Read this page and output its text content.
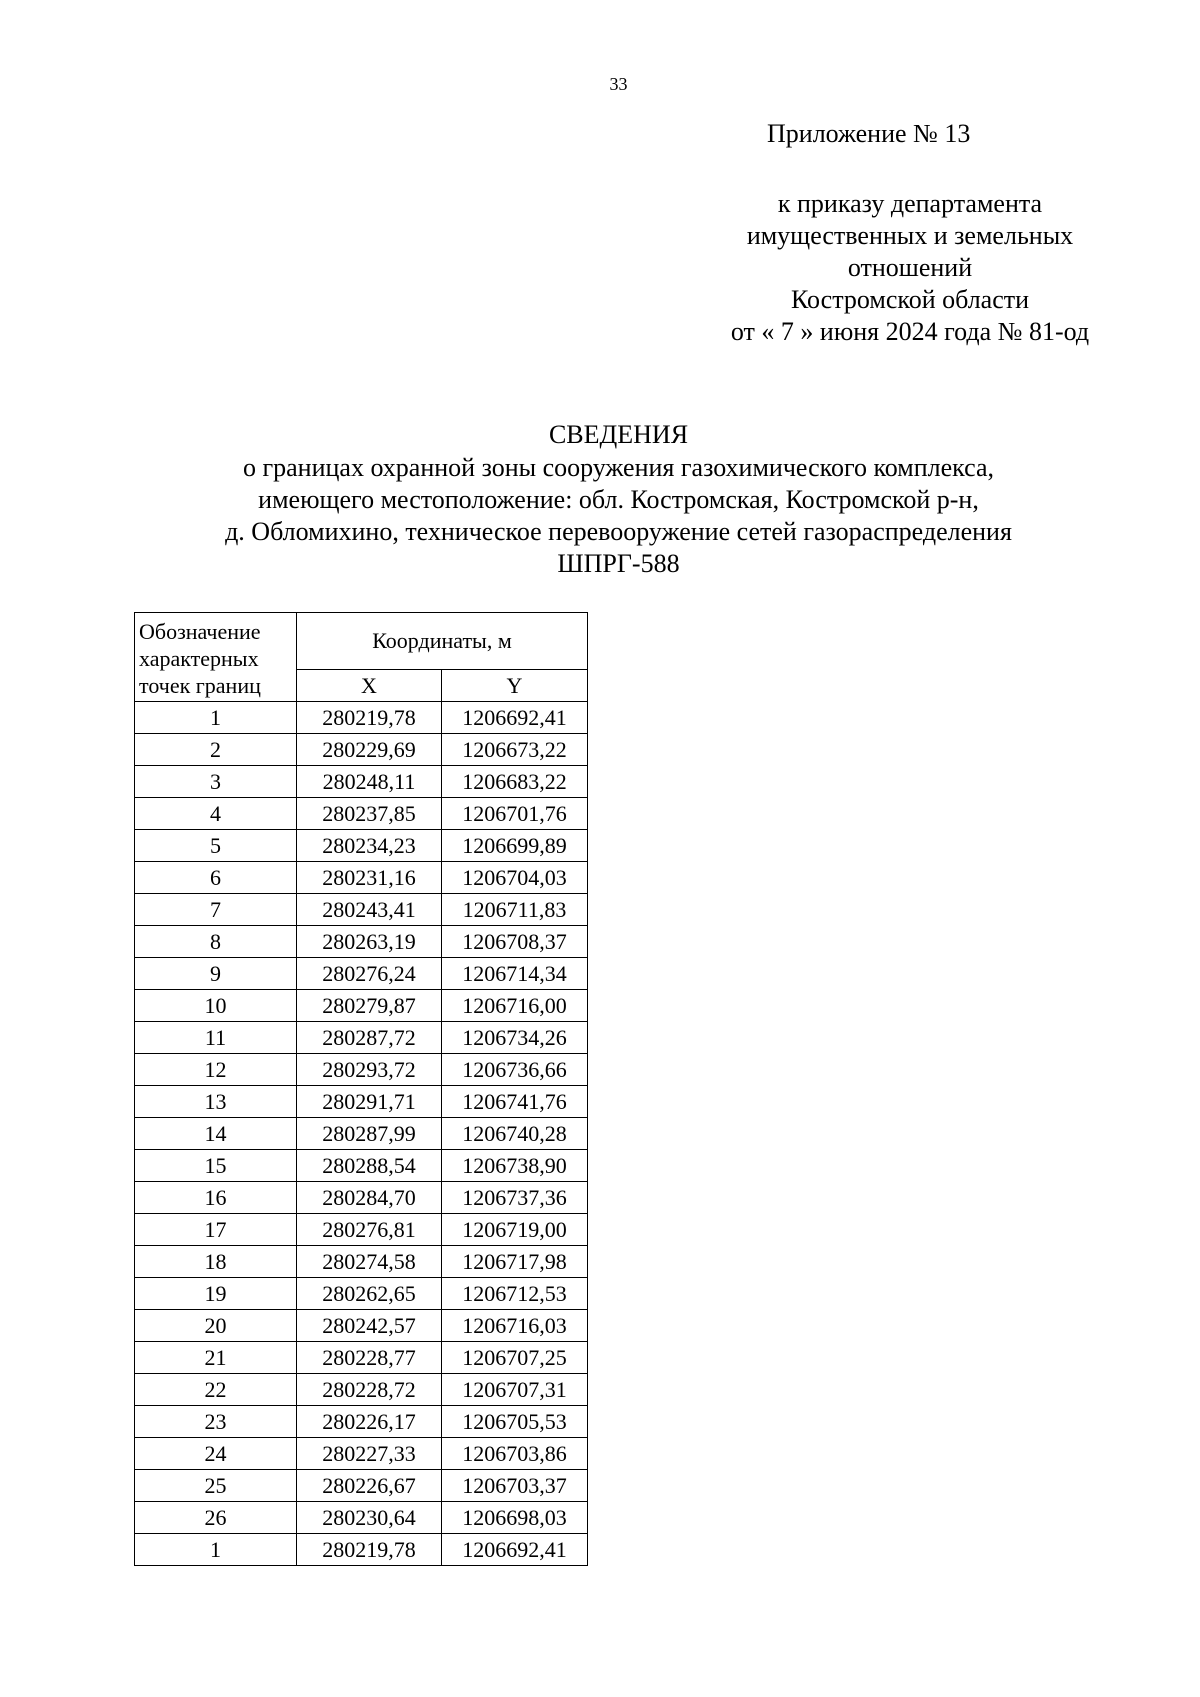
33
Приложение № 13
к приказу департамента
имущественных и земельных
отношений
Костромской области
от « 7 » июня 2024 года № 81-од
СВЕДЕНИЯ
о границах охранной зоны сооружения газохимического комплекса,
имеющего местоположение: обл. Костромская, Костромской р-н,
д. Обломихино, техническое перевооружение сетей газораспределения
ШПРГ-588
Обозначение
характерных
точек границ	Координаты, м	
	X	Y
1	280219,78	1206692,41
2	280229,69	1206673,22
3	280248,11	1206683,22
4	280237,85	1206701,76
5	280234,23	1206699,89
6	280231,16	1206704,03
7	280243,41	1206711,83
8	280263,19	1206708,37
9	280276,24	1206714,34
10	280279,87	1206716,00
11	280287,72	1206734,26
12	280293,72	1206736,66
13	280291,71	1206741,76
14	280287,99	1206740,28
15	280288,54	1206738,90
16	280284,70	1206737,36
17	280276,81	1206719,00
18	280274,58	1206717,98
19	280262,65	1206712,53
20	280242,57	1206716,03
21	280228,77	1206707,25
22	280228,72	1206707,31
23	280226,17	1206705,53
24	280227,33	1206703,86
25	280226,67	1206703,37
26	280230,64	1206698,03
1	280219,78	1206692,41
